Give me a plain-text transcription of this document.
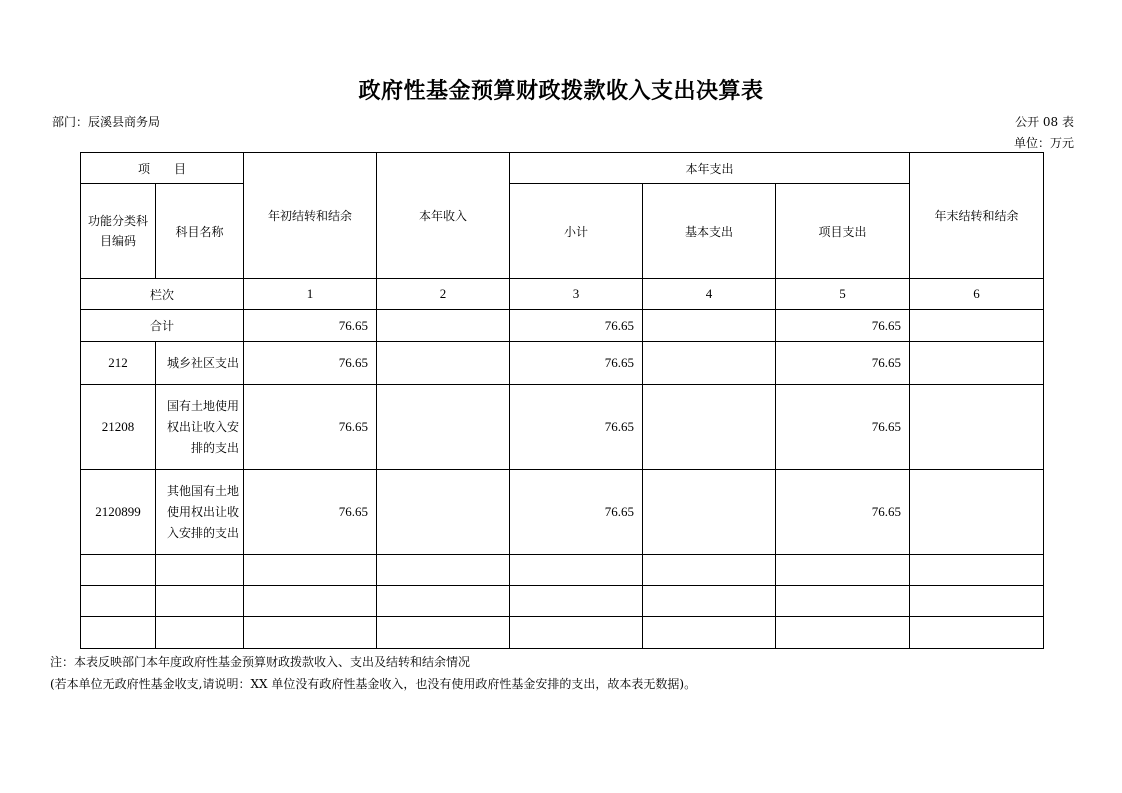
政府性基金预算财政拨款收入支出决算表
部门：辰溪县商务局	公开 08 表
单位：万元
项　　目		年初结转和结余	本年收入	本年支出			年末结转和结余
功能分类科目编码	科目名称			小计	基本支出	项目支出	
栏次		1	2	3	4	5	6
合计		76.65		76.65		76.65	
212	城乡社区支出	76.65		76.65		76.65	
21208	国有土地使用权出让收入安排的支出	76.65		76.65		76.65	
2120899	其他国有土地使用权出让收入安排的支出	76.65		76.65		76.65	

注：本表反映部门本年度政府性基金预算财政拨款收入、支出及结转和结余情况
(若本单位无政府性基金收支,请说明：XX 单位没有政府性基金收入，也没有使用政府性基金安排的支出，故本表无数据)。
